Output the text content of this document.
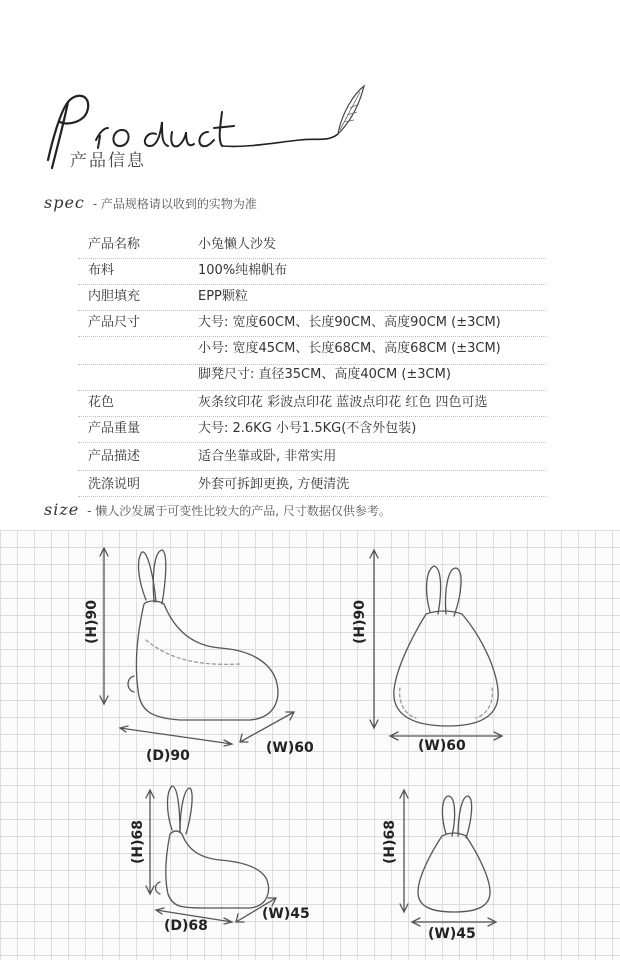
产品信息
spec - 产品规格请以收到的实物为准
产品名称	小兔懒人沙发
布料	100%纯棉帆布
内胆填充	EPP颗粒
产品尺寸	大号: 宽度60CM、长度90CM、高度90CM (±3CM)
小号: 宽度45CM、长度68CM、高度68CM (±3CM)
脚凳尺寸: 直径35CM、高度40CM (±3CM)
花色	灰条纹印花 彩波点印花 蓝波点印花 红色 四色可选
产品重量	大号: 2.6KG 小号1.5KG(不含外包装)
产品描述	适合坐靠或卧, 非常实用
洗涤说明	外套可拆卸更换, 方便清洗
size - 懒人沙发属于可变性比较大的产品, 尺寸数据仅供参考。
(H)90
(D)90	(W)60
(H)90
(W)60
(H)68
(D)68
(W)45
(H)68
(W)45
